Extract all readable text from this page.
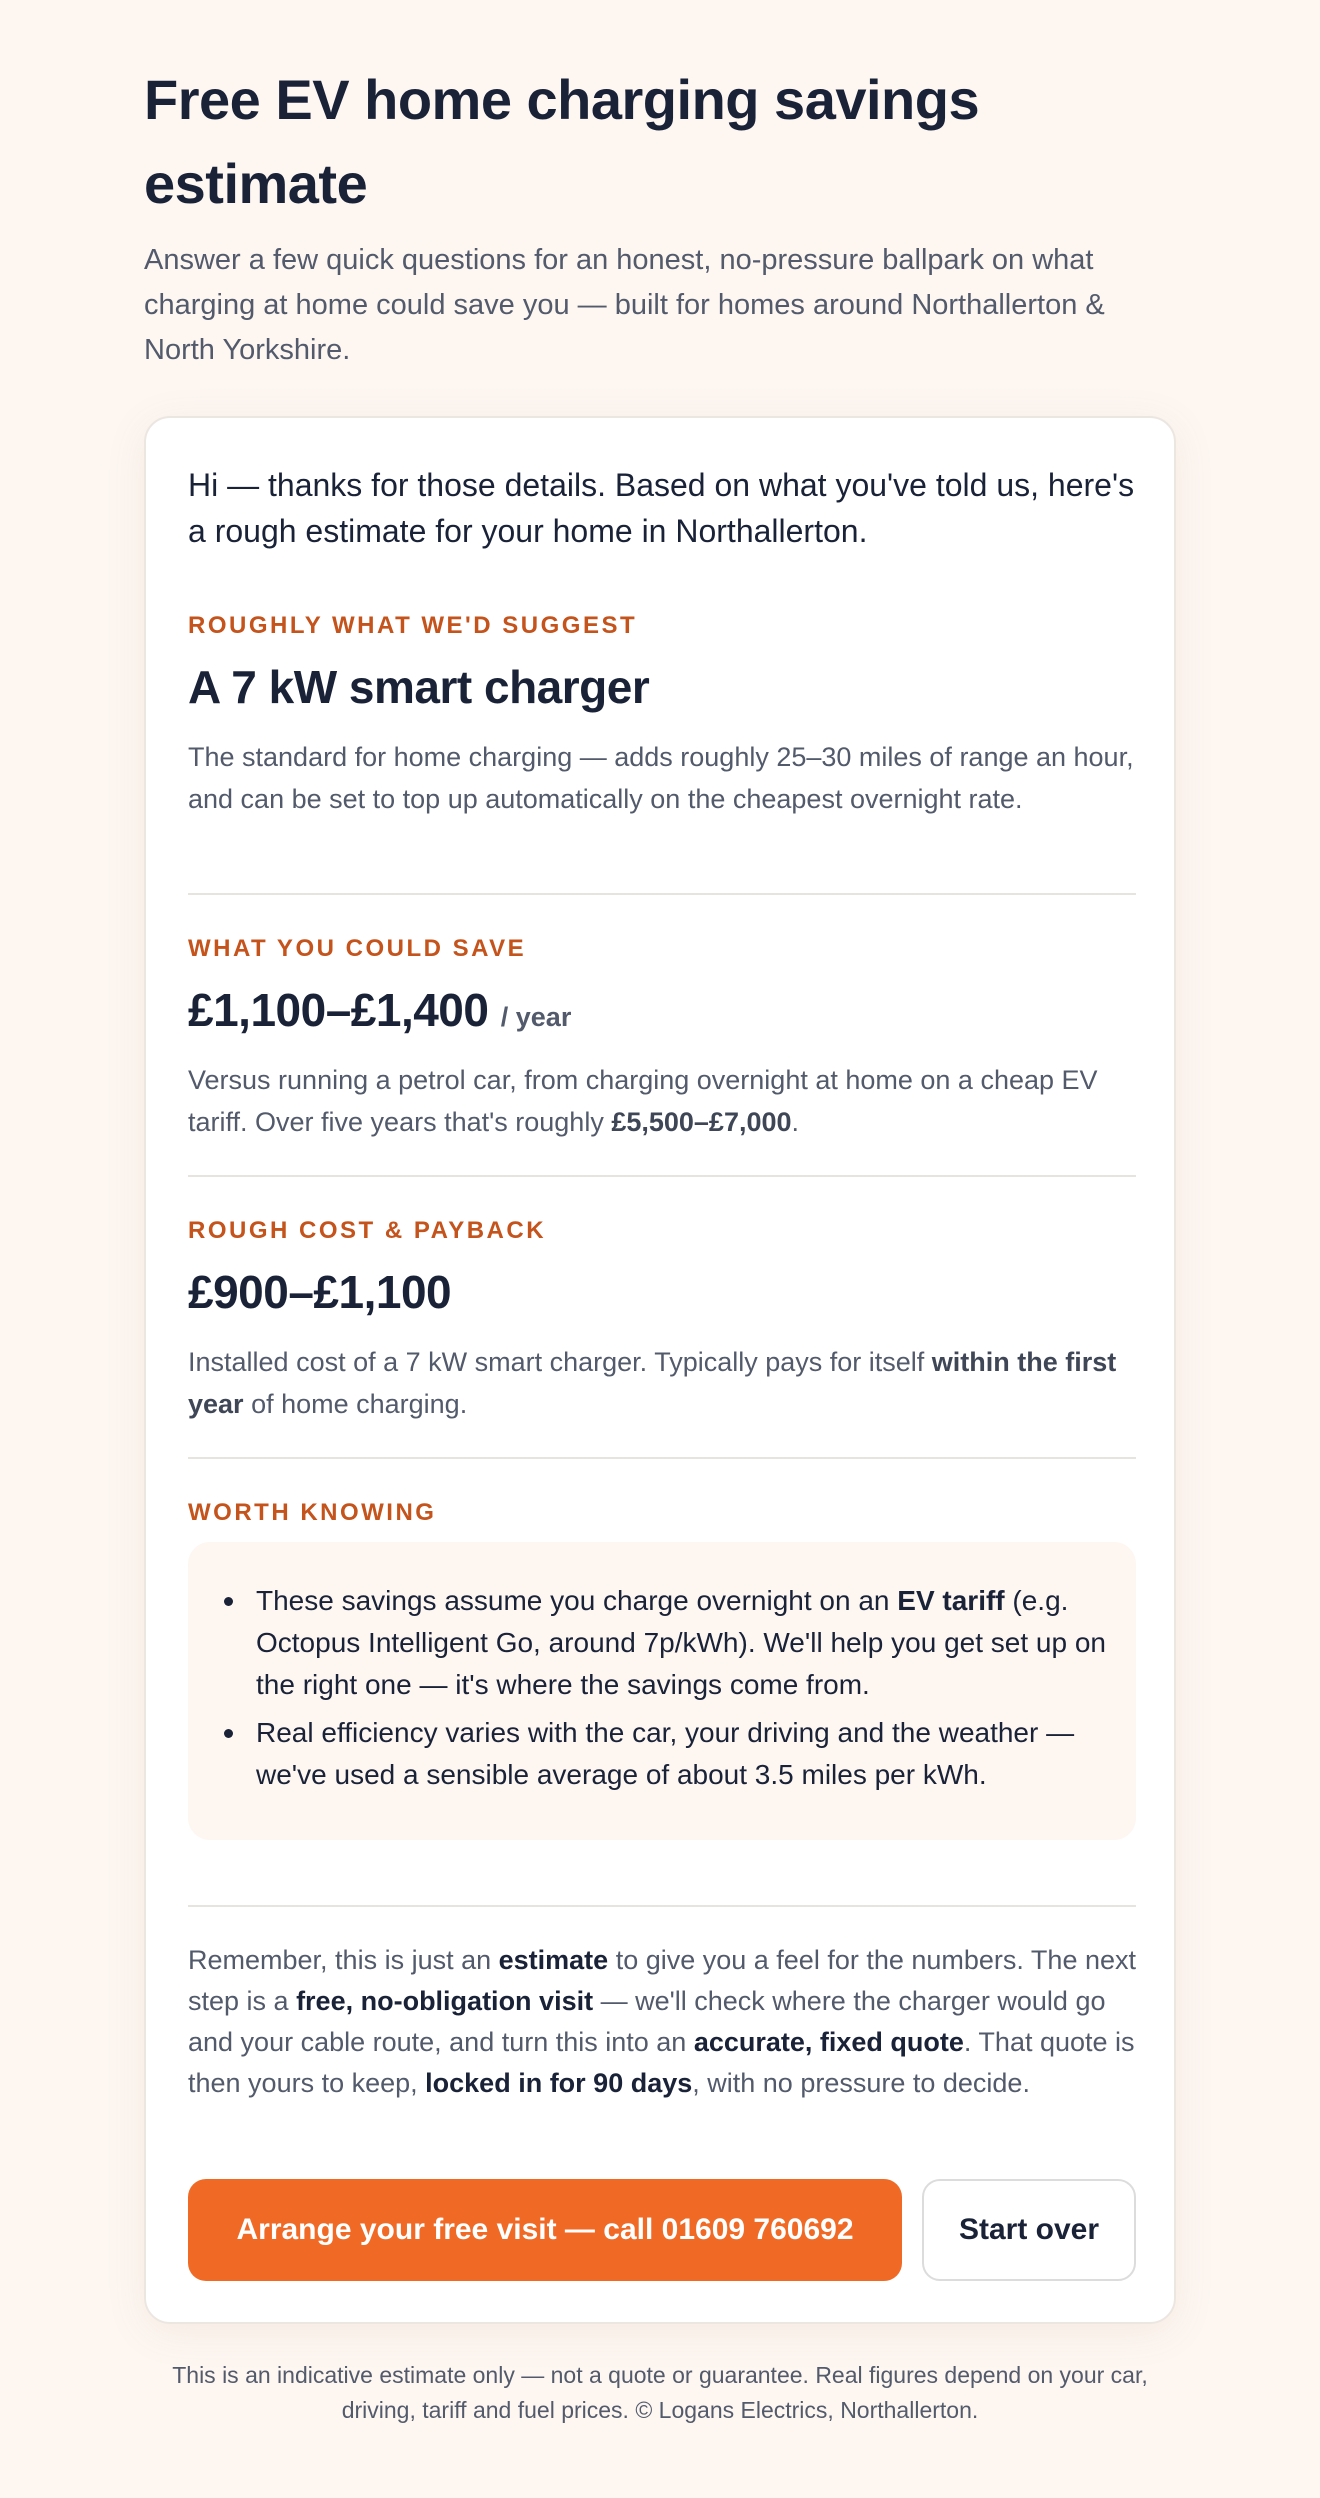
Free EV home charging savings estimate

Answer a few quick questions for an honest, no-pressure ballpark on what charging at home could save you — built for homes around Northallerton & North Yorkshire.

Hi — thanks for those details. Based on what you've told us, here's a rough estimate for your home in Northallerton.

ROUGHLY WHAT WE'D SUGGEST
A 7 kW smart charger

The standard for home charging — adds roughly 25–30 miles of range an hour, and can be set to top up automatically on the cheapest overnight rate.

WHAT YOU COULD SAVE
£1,100–£1,400 / year

Versus running a petrol car, from charging overnight at home on a cheap EV tariff. Over five years that's roughly £5,500–£7,000.

ROUGH COST & PAYBACK
£900–£1,100

Installed cost of a 7 kW smart charger. Typically pays for itself within the first year of home charging.

WORTH KNOWING
These savings assume you charge overnight on an EV tariff (e.g. Octopus Intelligent Go, around 7p/kWh). We'll help you get set up on the right one — it's where the savings come from.
Real efficiency varies with the car, your driving and the weather — we've used a sensible average of about 3.5 miles per kWh.

Remember, this is just an estimate to give you a feel for the numbers. The next step is a free, no-obligation visit — we'll check where the charger would go and your cable route, and turn this into an accurate, fixed quote. That quote is then yours to keep, locked in for 90 days, with no pressure to decide.

Arrange your free visit — call 01609 760692	Start over

This is an indicative estimate only — not a quote or guarantee. Real figures depend on your car, driving, tariff and fuel prices. © Logans Electrics, Northallerton.
